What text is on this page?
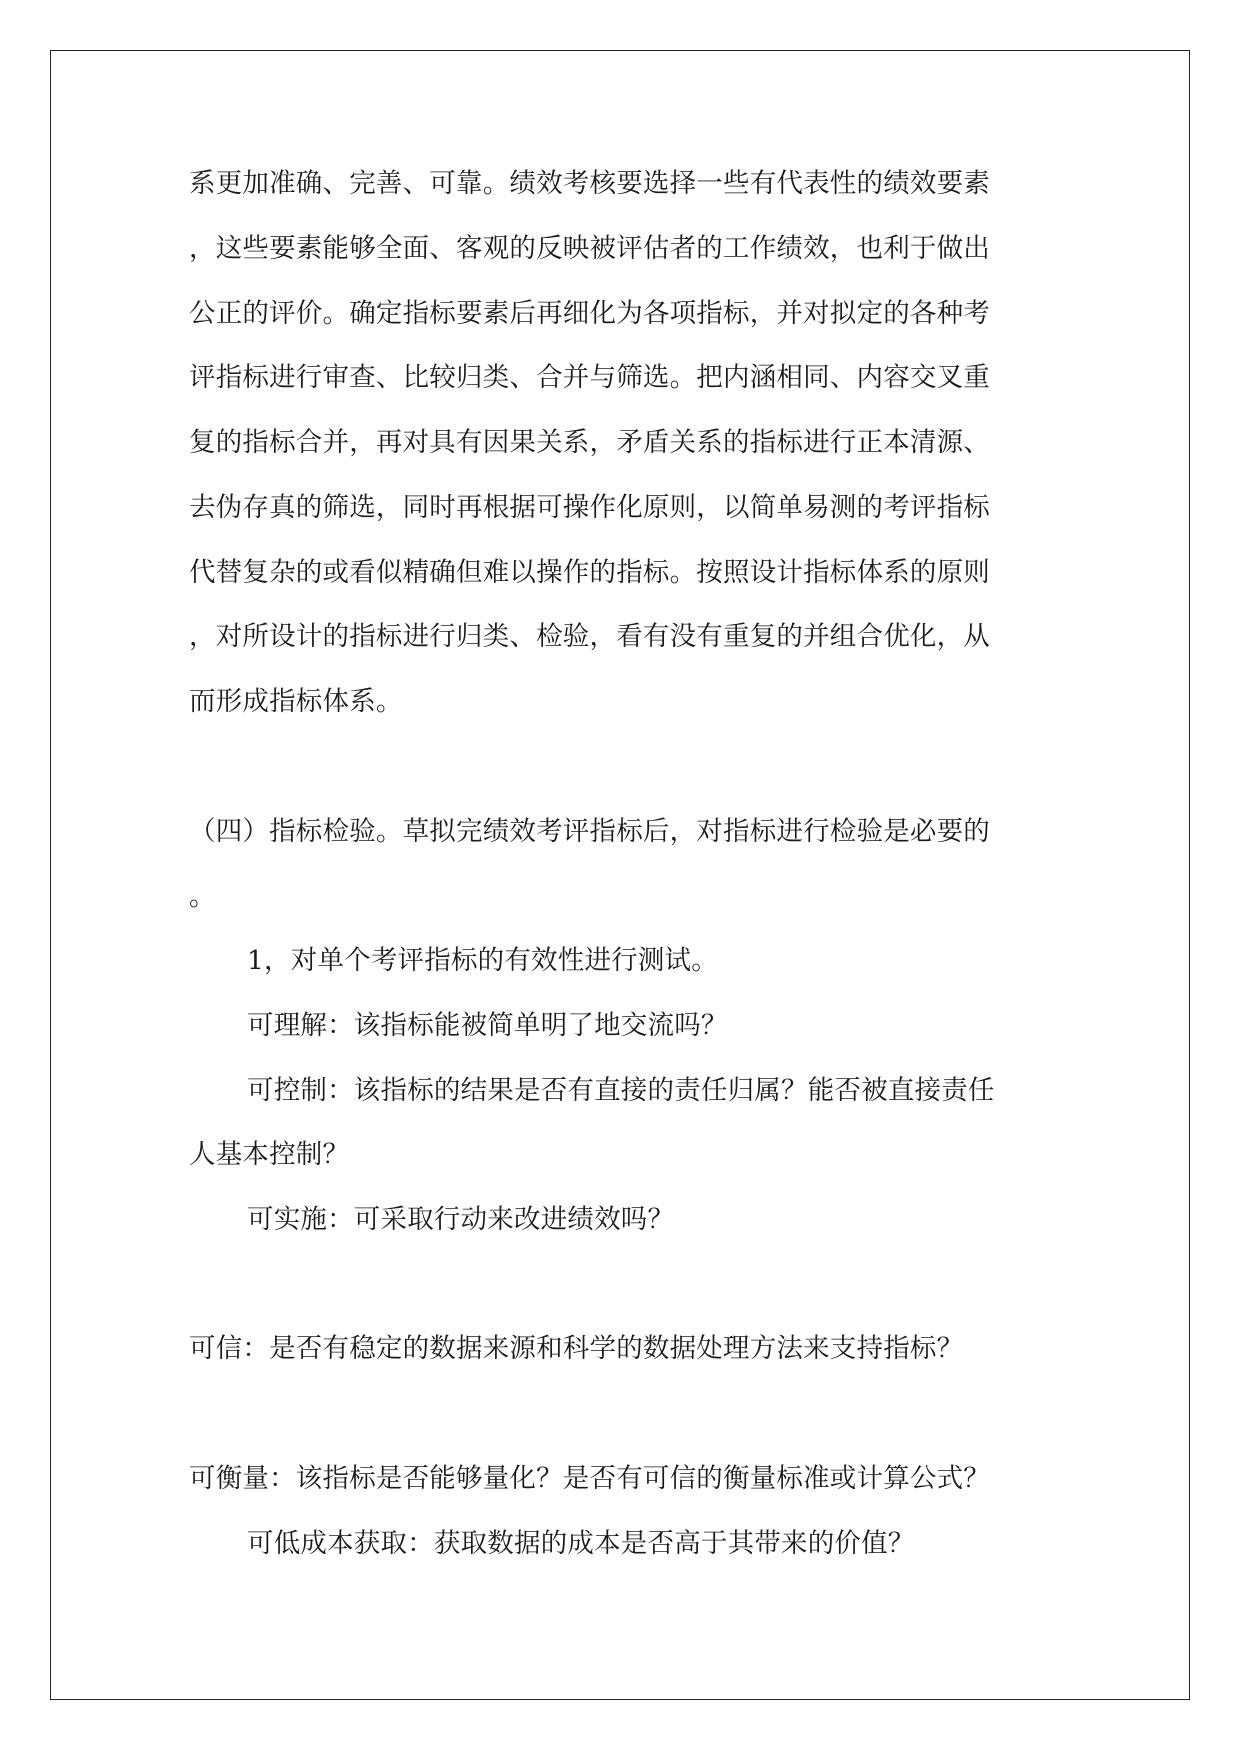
系更加准确、完善、可靠。绩效考核要选择一些有代表性的绩效要素
，这些要素能够全面、客观的反映被评估者的工作绩效，也利于做出
公正的评价。确定指标要素后再细化为各项指标，并对拟定的各种考
评指标进行审查、比较归类、合并与筛选。把内涵相同、内容交叉重
复的指标合并，再对具有因果关系，矛盾关系的指标进行正本清源、
去伪存真的筛选，同时再根据可操作化原则，以简单易测的考评指标
代替复杂的或看似精确但难以操作的指标。按照设计指标体系的原则
，对所设计的指标进行归类、检验，看有没有重复的并组合优化，从
而形成指标体系。
（四）指标检验。草拟完绩效考评指标后，对指标进行检验是必要的
。
1，对单个考评指标的有效性进行测试。
可理解：该指标能被简单明了地交流吗？
可控制：该指标的结果是否有直接的责任归属？能否被直接责任
人基本控制？
可实施：可采取行动来改进绩效吗？
可信：是否有稳定的数据来源和科学的数据处理方法来支持指标？
可衡量：该指标是否能够量化？是否有可信的衡量标准或计算公式？
可低成本获取：获取数据的成本是否高于其带来的价值？
